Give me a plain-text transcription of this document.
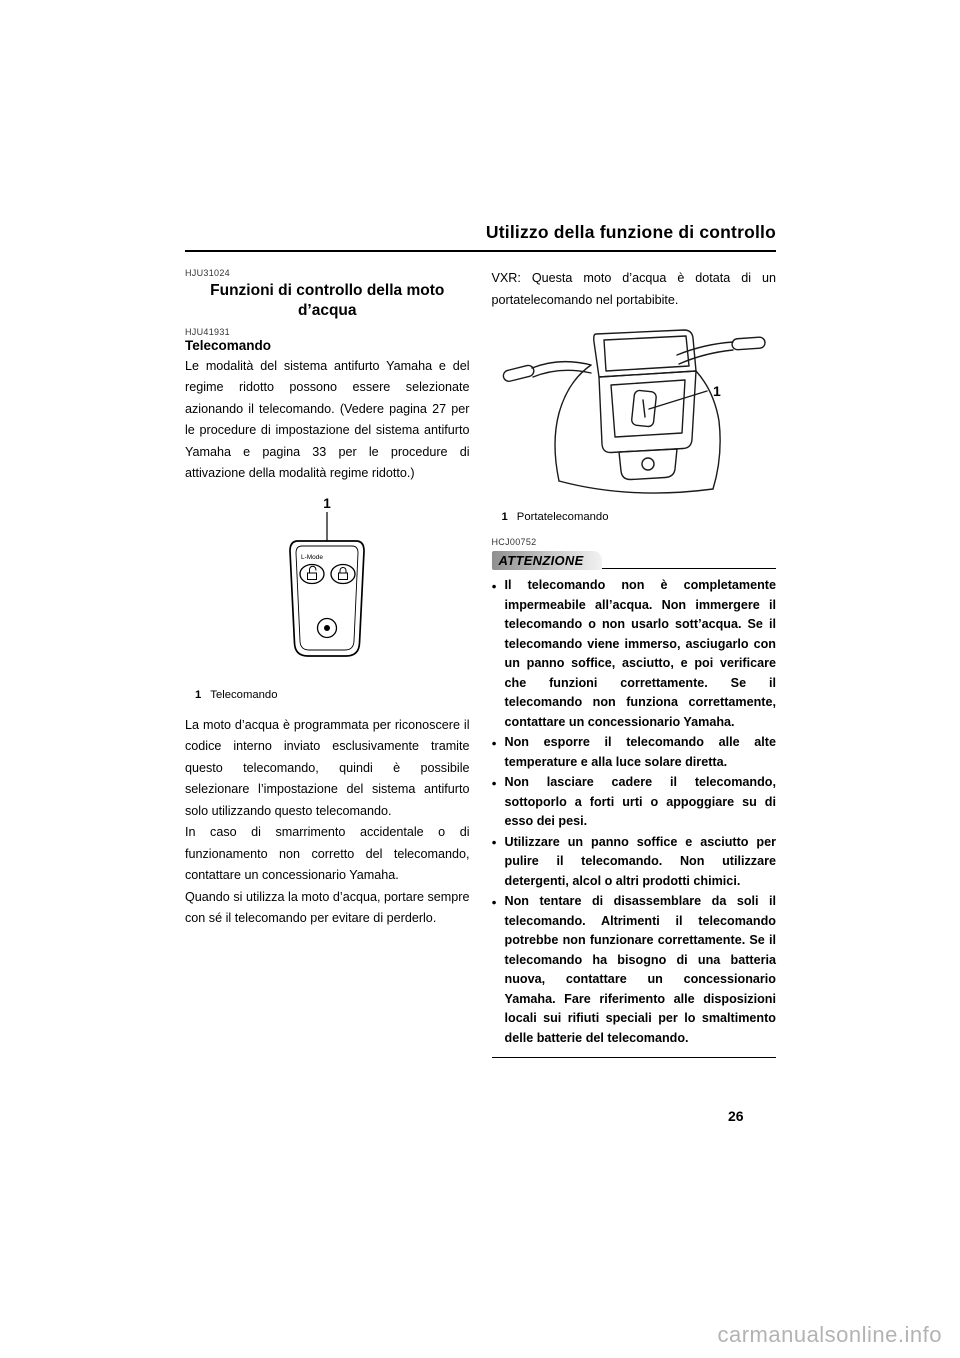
Utilizzo della funzione di controllo
HJU31024
Funzioni di controllo della moto d’acqua
HJU41931
Telecomando

Le modalità del sistema antifurto Yamaha e del regime ridotto possono essere selezionate azionando il telecomando. (Vedere pagina 27 per le procedure di impostazione del sistema antifurto Yamaha e pagina 33 per le procedure di attivazione della modalità regime ridotto.)

1
L-Mode
1 Telecomando

La moto d’acqua è programmata per riconoscere il codice interno inviato esclusivamente tramite questo telecomando, quindi è possibile selezionare l’impostazione del sistema antifurto solo utilizzando questo telecomando.

In caso di smarrimento accidentale o di funzionamento non corretto del telecomando, contattare un concessionario Yamaha.

Quando si utilizza la moto d’acqua, portare sempre con sé il telecomando per evitare di perderlo.

VXR: Questa moto d’acqua è dotata di un portatelecomando nel portabibite.

1
1 Portatelecomando
HCJ00752
ATTENZIONE
● Il telecomando non è completamente impermeabile all’acqua. Non immergere il telecomando o non usarlo sott’acqua. Se il telecomando viene immerso, asciugarlo con un panno soffice, asciutto, e poi verificare che funzioni correttamente. Se il telecomando non funziona correttamente, contattare un concessionario Yamaha.
● Non esporre il telecomando alle alte temperature e alla luce solare diretta.
● Non lasciare cadere il telecomando, sottoporlo a forti urti o appoggiare su di esso dei pesi.
● Utilizzare un panno soffice e asciutto per pulire il telecomando. Non utilizzare detergenti, alcol o altri prodotti chimici.
● Non tentare di disassemblare da soli il telecomando. Altrimenti il telecomando potrebbe non funzionare correttamente. Se il telecomando ha bisogno di una batteria nuova, contattare un concessionario Yamaha. Fare riferimento alle disposizioni locali sui rifiuti speciali per lo smaltimento delle batterie del telecomando.
26
carmanualsonline.info
